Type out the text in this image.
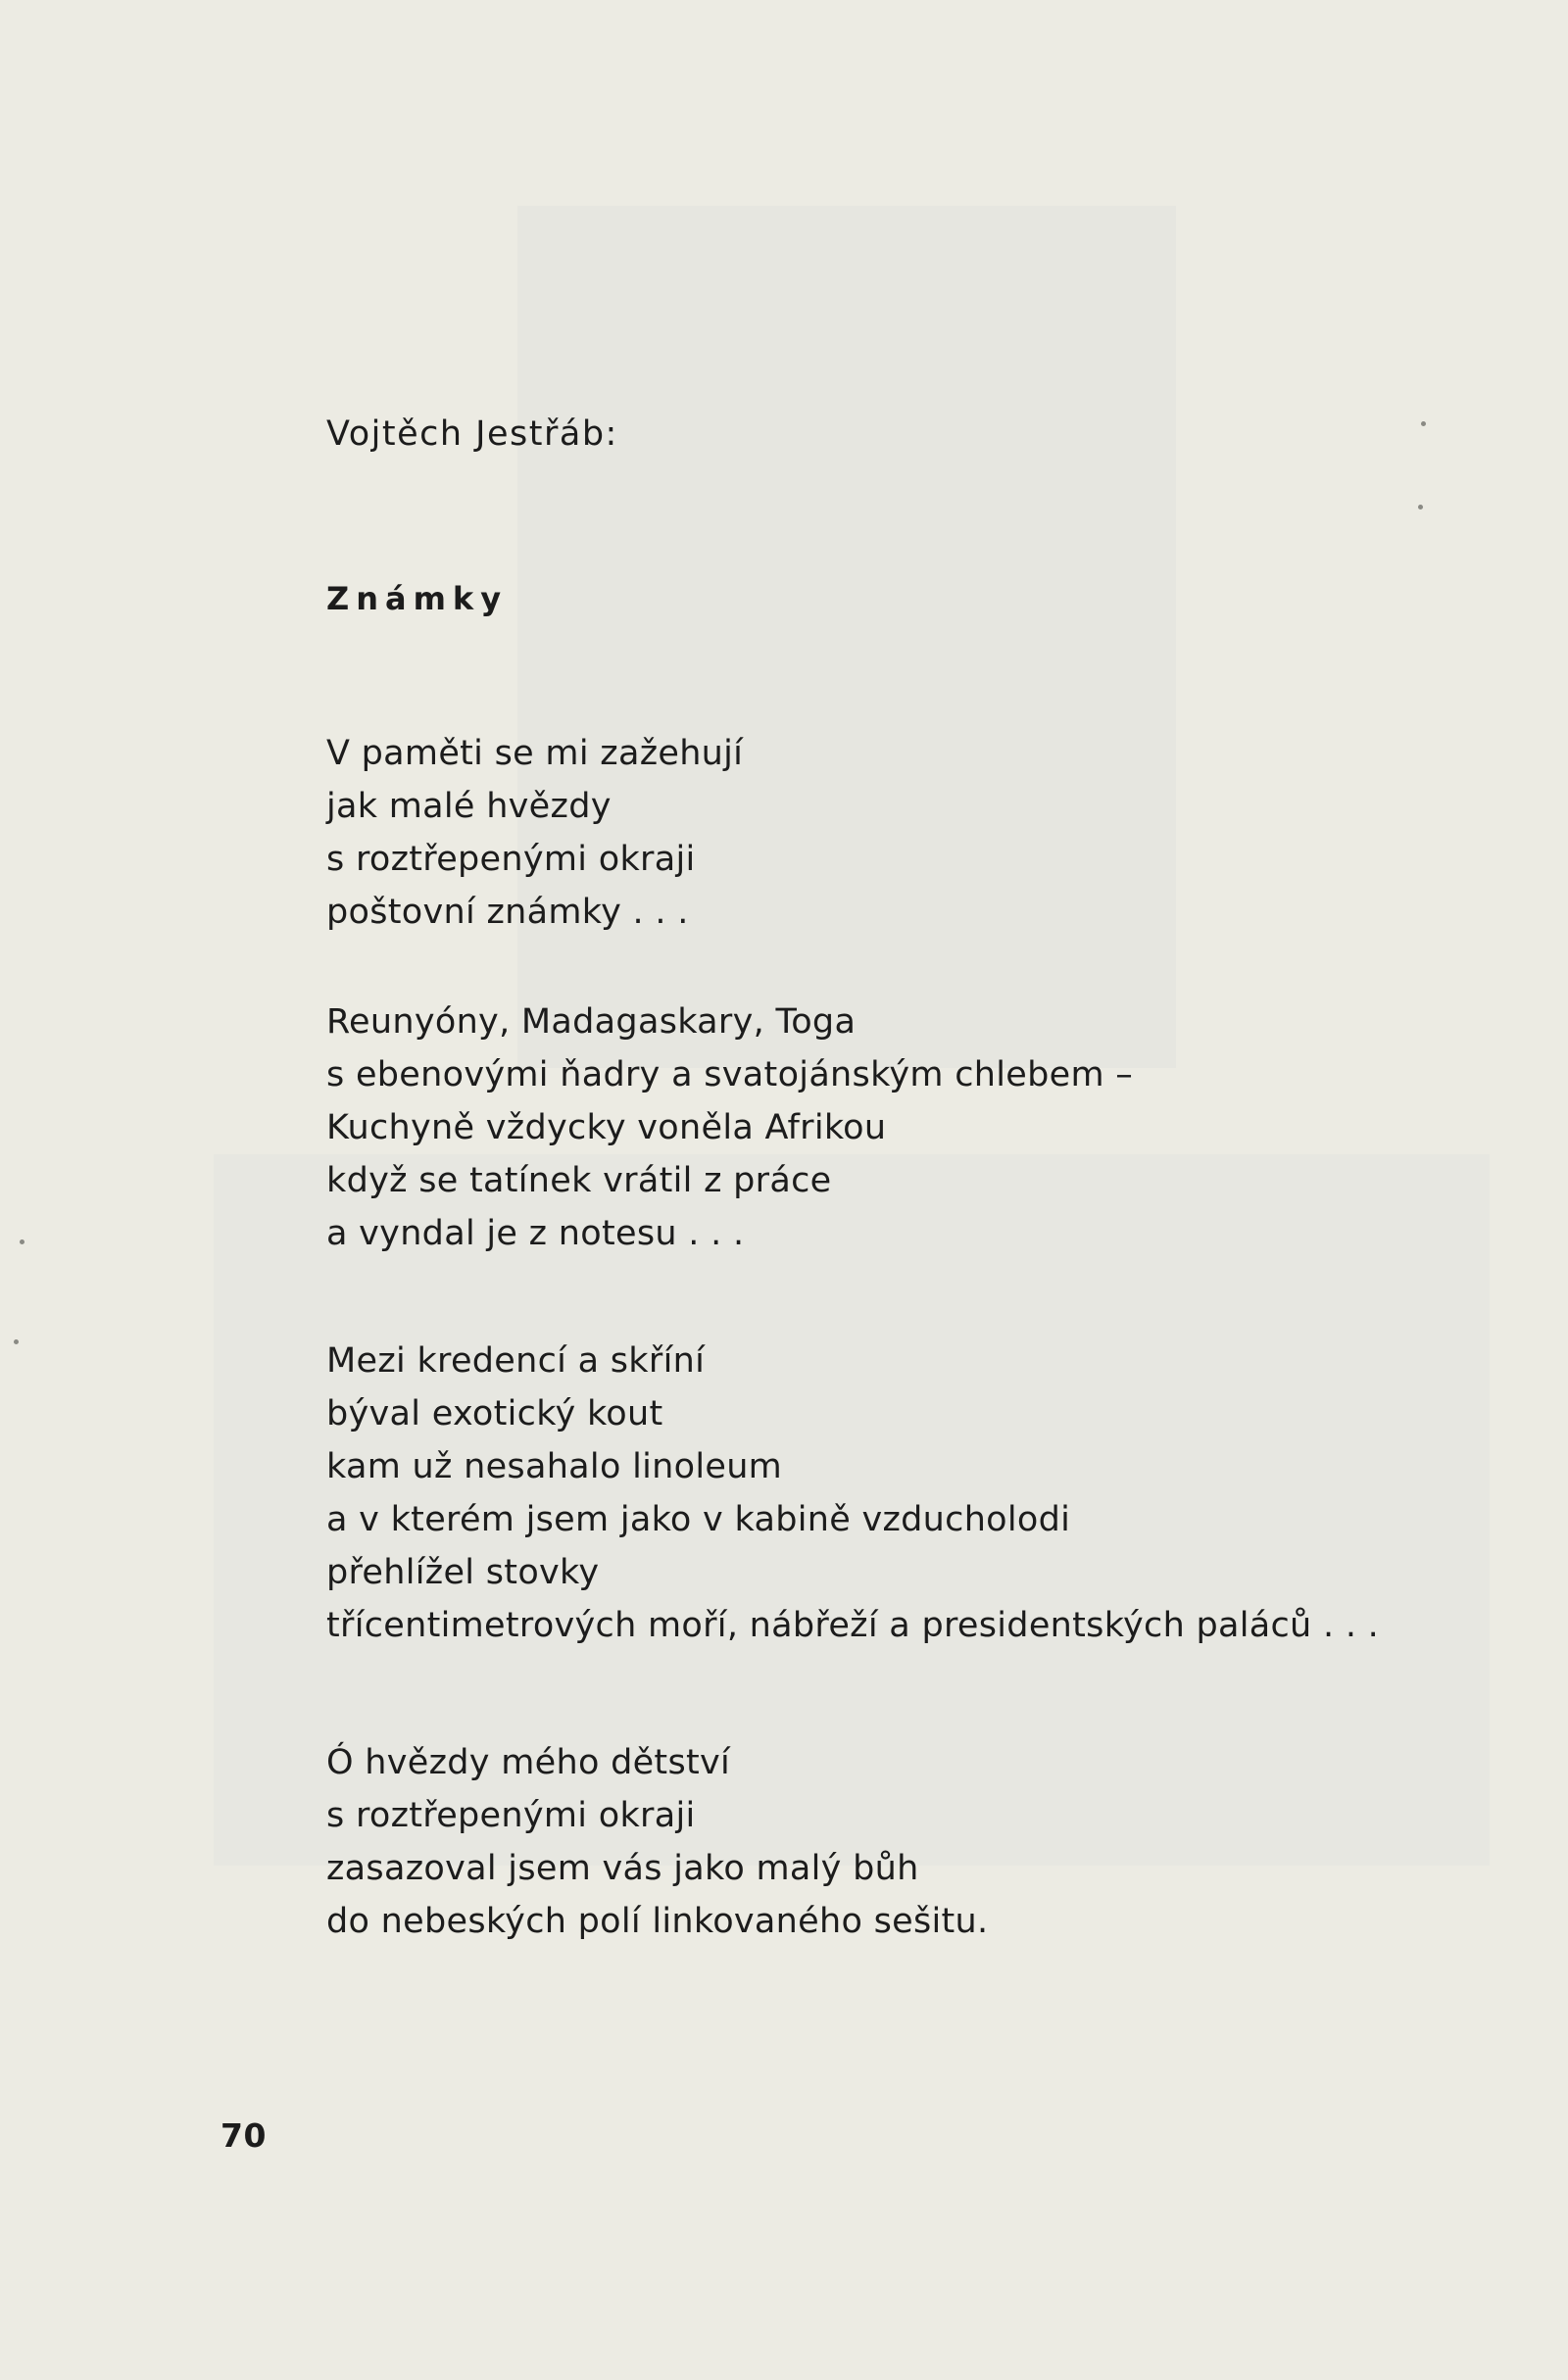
Vojtěch Jestřáb:

Známky
V paměti se mi zažehují
jak malé hvězdy
s roztřepenými okraji
poštovní známky . . .
Reunyóny, Madagaskary, Toga
s ebenovými ňadry a svatojánským chlebem –
Kuchyně vždycky voněla Afrikou
když se tatínek vrátil z práce
a vyndal je z notesu . . .
Mezi kredencí a skříní
býval exotický kout
kam už nesahalo linoleum
a v kterém jsem jako v kabině vzducholodi
přehlížel stovky
třícentimetrových moří, nábřeží a presidentských paláců . . .
Ó hvězdy mého dětství
s roztřepenými okraji
zasazoval jsem vás jako malý bůh
do nebeských polí linkovaného sešitu.
70
